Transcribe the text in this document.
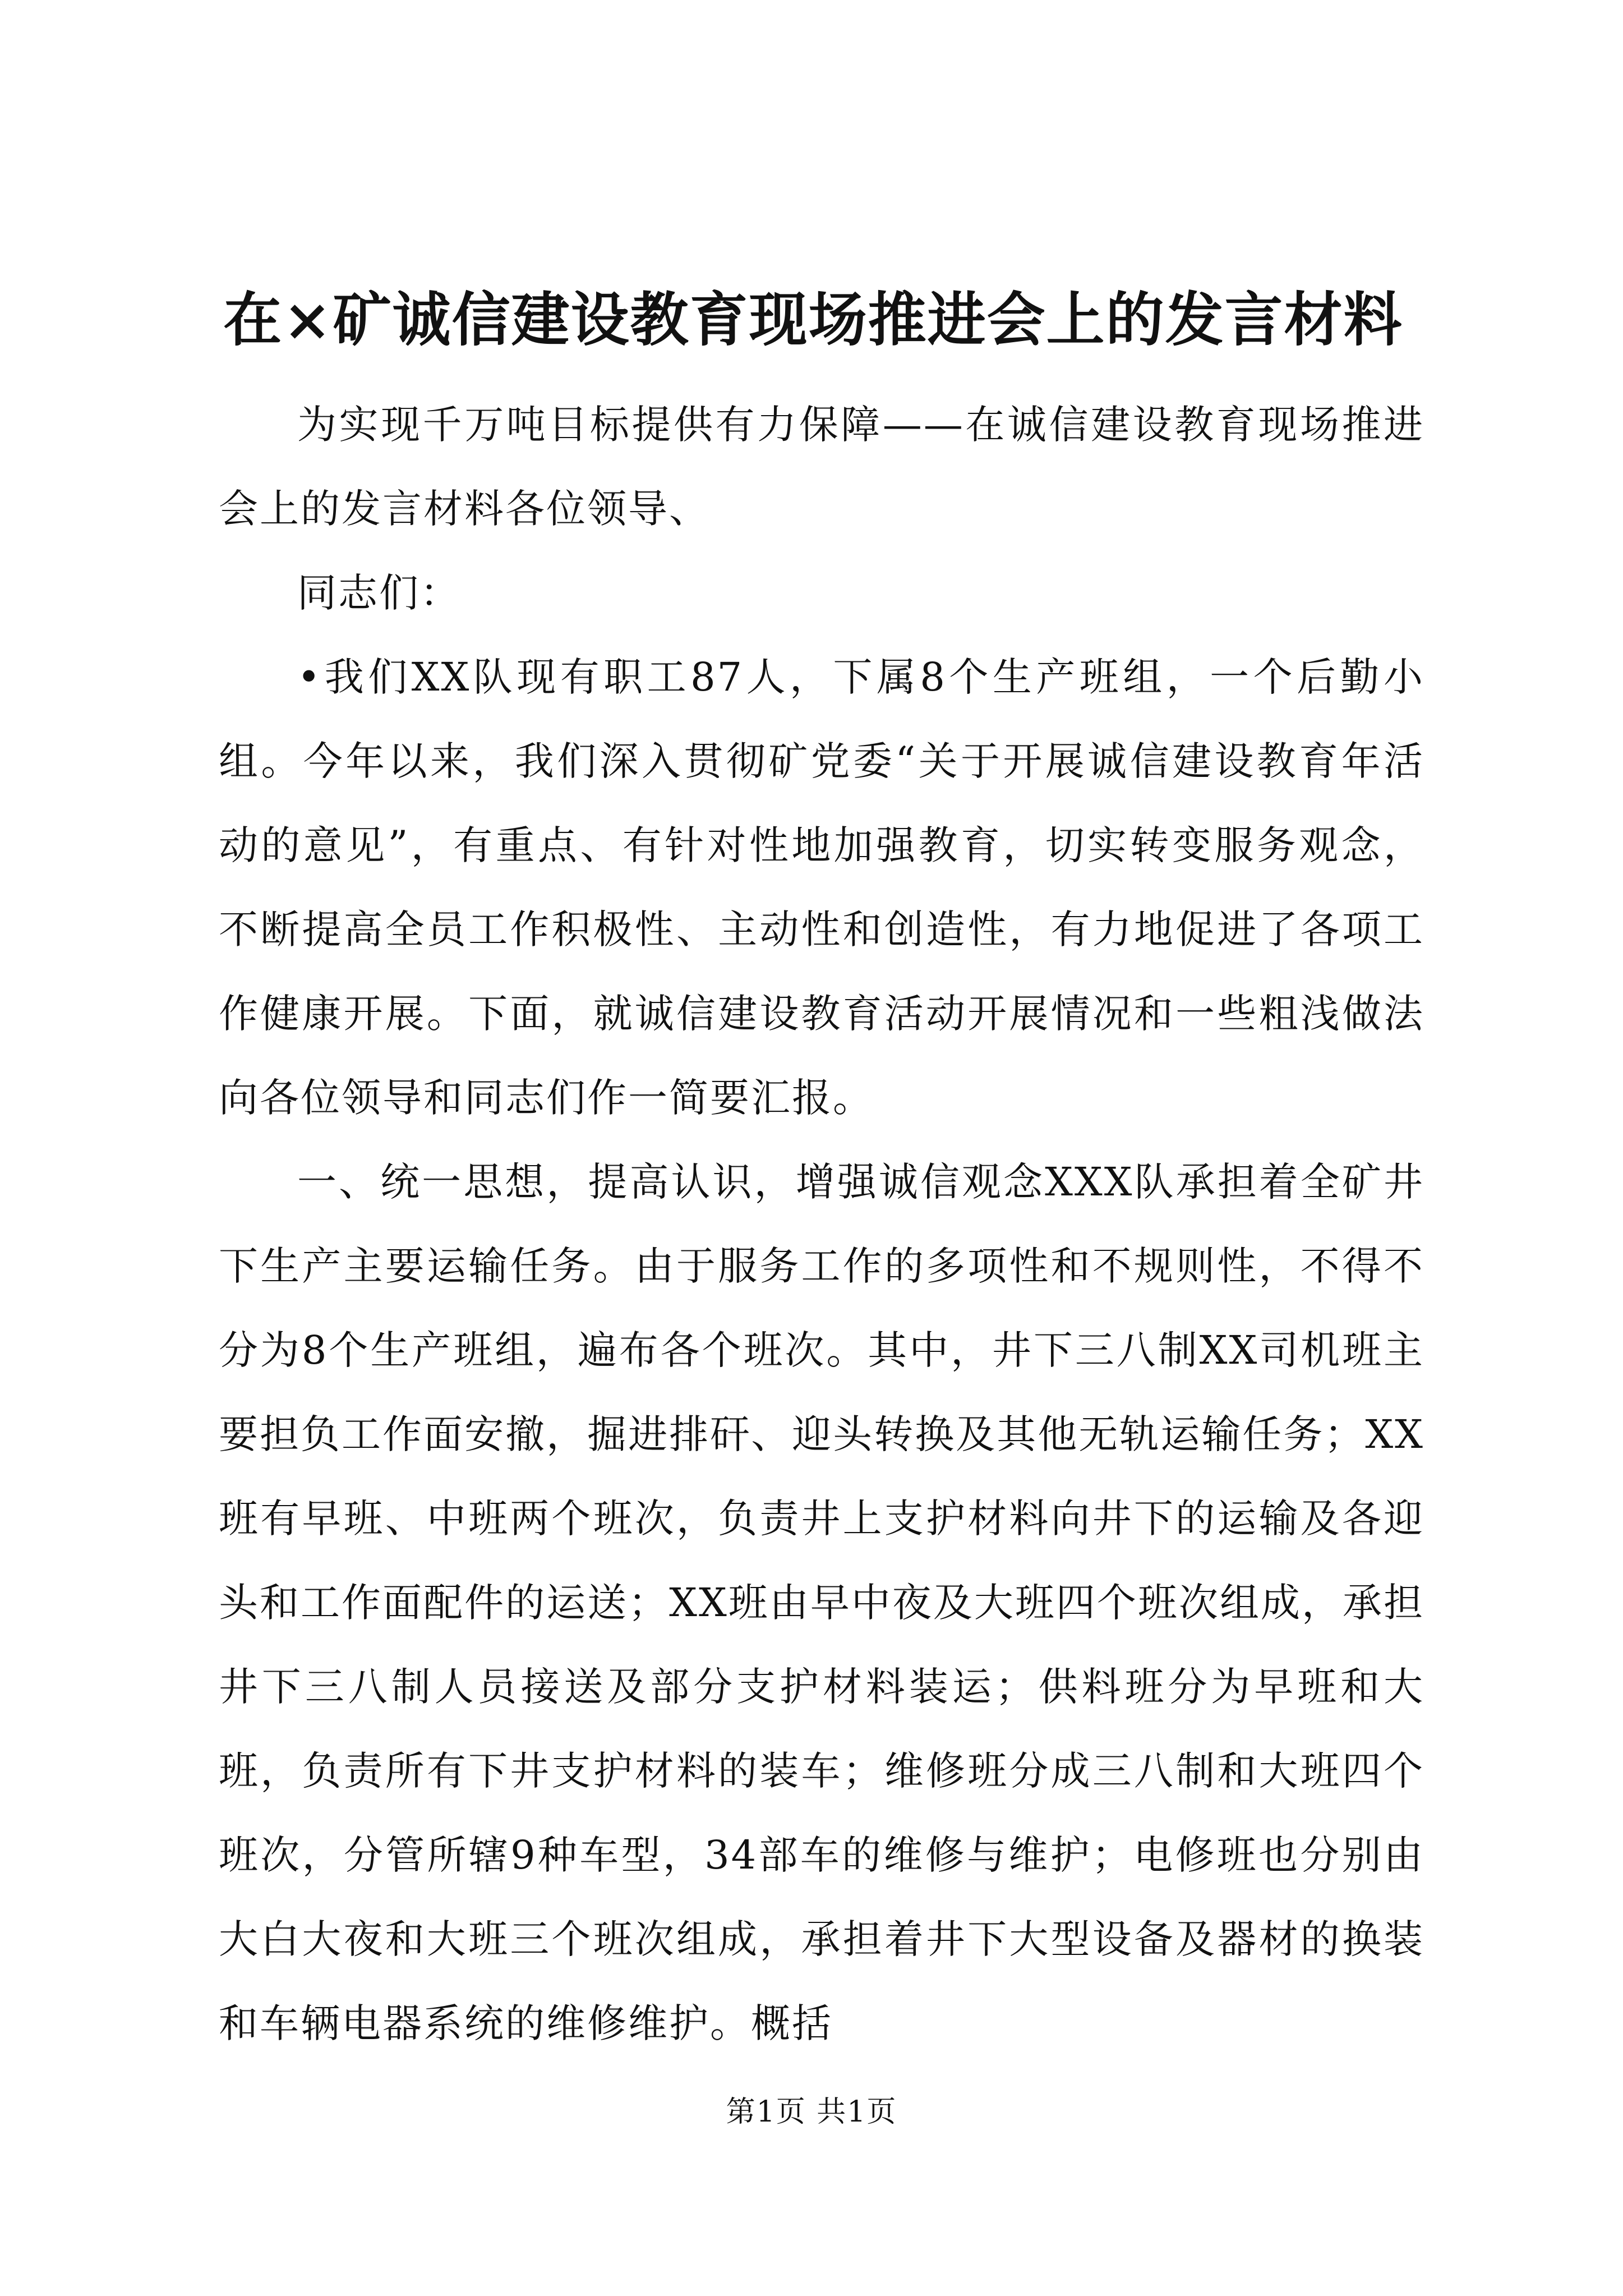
在×矿诚信建设教育现场推进会上的发言材料

为实现千万吨目标提供有力保障——在诚信建设教育现场推进会上的发言材料各位领导、

同志们：

•我们XX队现有职工87人，下属8个生产班组，一个后勤小组。今年以来，我们深入贯彻矿党委“关于开展诚信建设教育年活动的意见”，有重点、有针对性地加强教育，切实转变服务观念，不断提高全员工作积极性、主动性和创造性，有力地促进了各项工作健康开展。下面，就诚信建设教育活动开展情况和一些粗浅做法向各位领导和同志们作一简要汇报。

一、统一思想，提高认识，增强诚信观念XXX队承担着全矿井下生产主要运输任务。由于服务工作的多项性和不规则性，不得不分为8个生产班组，遍布各个班次。其中，井下三八制XX司机班主要担负工作面安撤，掘进排矸、迎头转换及其他无轨运输任务；XX班有早班、中班两个班次，负责井上支护材料向井下的运输及各迎头和工作面配件的运送；XX班由早中夜及大班四个班次组成，承担井下三八制人员接送及部分支护材料装运；供料班分为早班和大班，负责所有下井支护材料的装车；维修班分成三八制和大班四个班次，分管所辖9种车型，34部车的维修与维护；电修班也分别由大白大夜和大班三个班次组成，承担着井下大型设备及器材的换装和车辆电器系统的维修维护。概括

第1页 共1页
